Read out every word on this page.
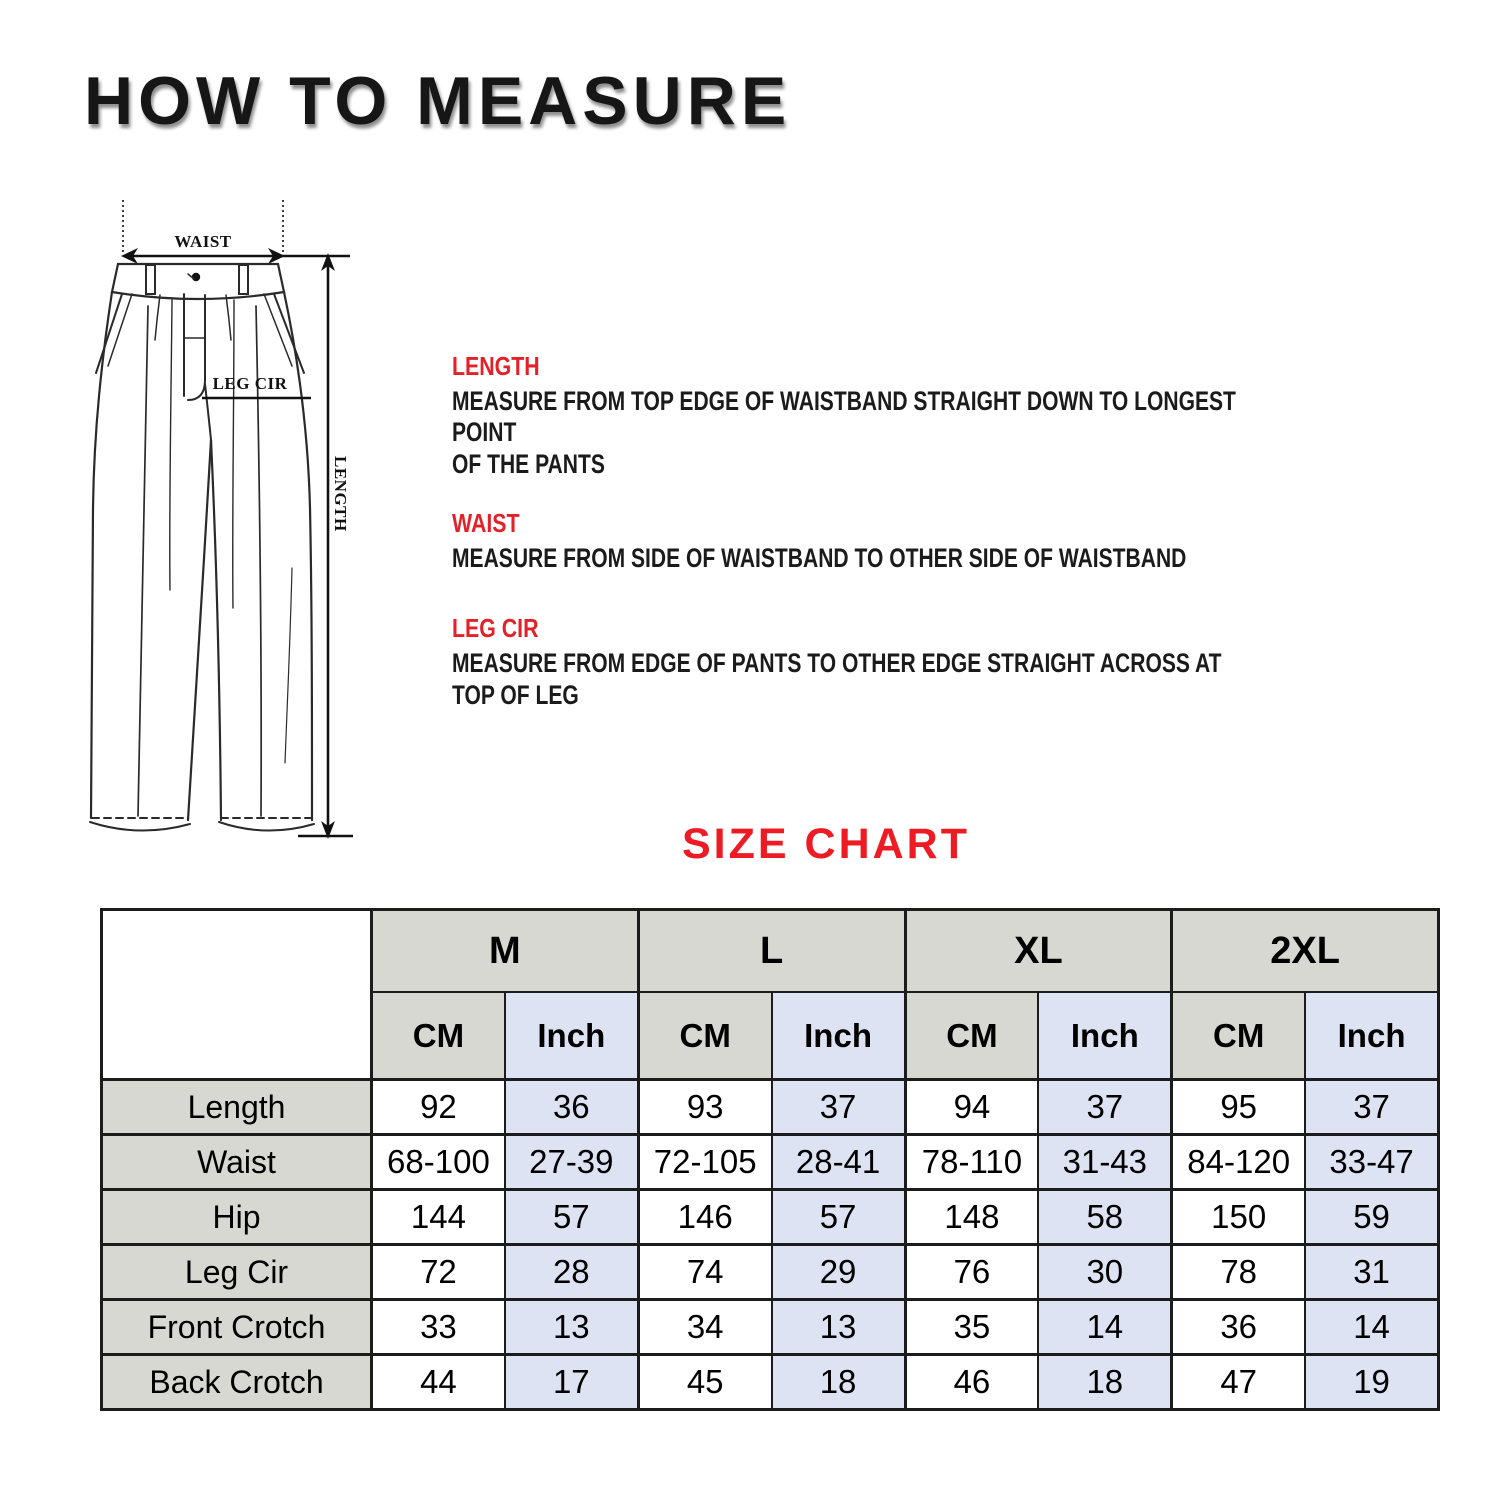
HOW TO MEASURE
WAIST
LENGTH
LEG CIR
LENGTH
MEASURE FROM TOP EDGE OF WAISTBAND STRAIGHT DOWN TO LONGEST POINT
OF THE PANTS
WAIST
MEASURE FROM SIDE OF WAISTBAND TO OTHER SIDE OF WAISTBAND
LEG CIR
MEASURE FROM EDGE OF PANTS TO OTHER EDGE STRAIGHT ACROSS AT TOP OF LEG
SIZE CHART
	M		L		XL		2XL	
	CM	Inch	CM	Inch	CM	Inch	CM	Inch
Length	92	36	93	37	94	37	95	37
Waist	68-100	27-39	72-105	28-41	78-110	31-43	84-120	33-47
Hip	144	57	146	57	148	58	150	59
Leg Cir	72	28	74	29	76	30	78	31
Front Crotch	33	13	34	13	35	14	36	14
Back Crotch	44	17	45	18	46	18	47	19
